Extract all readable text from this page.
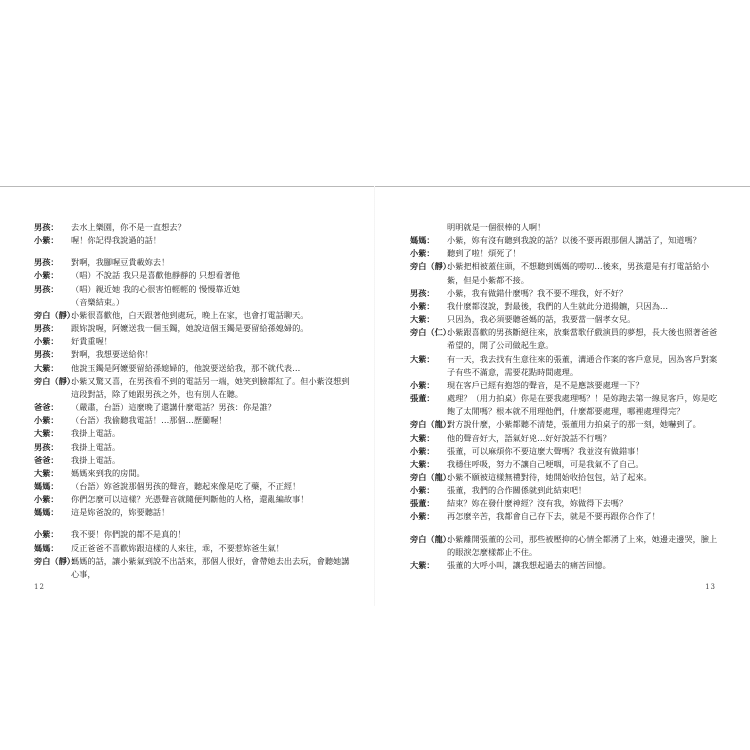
男孩：	去水上樂園，你不是一直想去？
小紫：	喔！你記得我說過的話！
男孩：	對啊，我腳喔豆貴載妳去！
小紫：	（唱）不說話 我只是喜歡他靜靜的 只想看著他
男孩：	（唱）親近她 我的心很害怕輕輕的 慢慢靠近她
（音樂結束。）
旁白（靜）：
小紫很喜歡他，白天跟著他到處玩，晚上在家，也會打電話聊天。
男孩：	跟妳說喔，阿嬤送我一個玉鐲，她說這個玉鐲是要留給孫媳婦的。
小紫：	好貴重喔！
男孩：	對啊，我想要送給你！
大紫：	他說玉鐲是阿嬤要留給孫媳婦的，他說要送給我，那不就代表…
旁白（靜）：
小紫又驚又喜，在男孩看不到的電話另一端，她笑到臉都紅了。但小紫沒想到這段對話，除了她跟男孩之外，也有別人在聽。
爸爸：	（嚴肅，台語）這麼晚了還講什麼電話？男孩：你是誰？
小紫：	（台語）我偷聽我電話！…那個…歷蘭喔！
大紫：	我掛上電話。
男孩：	我掛上電話。
爸爸：	我掛上電話。
大紫：	媽媽來到我的房間。
媽媽：	（台語）妳爸說那個男孩的聲音，聽起來像是吃了藥，不正經！
小紫：	你們怎麼可以這樣？光憑聲音就隨便判斷他的人格，還亂編故事！
媽媽：	這是妳爸說的，妳要聽話！
小紫：	我不要！你們說的都不是真的！
媽媽：	反正爸爸不喜歡妳跟這樣的人來往，乖，不要惹妳爸生氣！
旁白（靜）：
媽媽的話，讓小紫氣到說不出話來，那個人很好，會帶她去出去玩，會聽她講心事，
12
明明就是一個很棒的人啊！
媽媽：	小紫，妳有沒有聽到我說的話？以後不要再跟那個人講話了，知道嗎？
小紫：	聽到了啦！煩死了！
旁白（靜）：
小紫把相被蓋住頭，不想聽到媽媽的嘮叨…後來，男孩還是有打電話給小紫，但是小紫都不接。
男孩：	小紫，我有做錯什麼嗎？我不要不理我，好不好？
小紫：	我什麼都沒說，對最後，我們的人生就此分道揚鑣，只因為…
大紫：	只因為，我必須要聽爸媽的話，我要當一個孝女兒。
旁白（仁）：
小紫跟喜歡的男孩斷絕往來，放棄當歌仔戲演員的夢想，長大後也照著爸爸希望的，開了公司做起生意。
大紫：	有一天，我去找有生意往來的張董，溝通合作案的客戶意見，因為客戶對案子有些不滿意，需要花點時間處理。
小紫：	現在客戶已經有抱怨的聲音，是不是應該要處理一下？
張董：	處理？（用力拍桌）你是在要我處理嗎？！是妳跑去第一線見客戶，妳是吃飽了太閒嗎？根本就不用理他們，什麼都要處理，哪裡處理得完？
旁白（龍）：
對方說什麼，小紫都聽不清楚，張董用力拍桌子的那一刻，她嚇到了。
大紫：	他的聲音好大，語氣好兇…好好說話不行嗎？
小紫：	張董，可以麻煩你不要這麼大聲嗎？我並沒有做錯事！
大紫：	我穩住呼吸，努力不讓自己哽咽，可是我氣不了自己。
旁白（龍）：
小紫不願被這樣無禮對待，她開始收拾包包，站了起來。
小紫：	張董，我們的合作關係就到此結束吧！
張董：	結束？妳在發什麼神經？沒有我，妳做得下去嗎？
小紫：	再怎麼辛苦，我都會自己存下去，就是不要再跟你合作了！
旁白（龍）：
小紫離開張董的公司，那些被壓抑的心情全都湧了上來，她邊走邊哭，臉上的眼淚怎麼樣都止不住。
大紫：	張董的大呼小叫，讓我想起過去的痛苦回憶。
13
